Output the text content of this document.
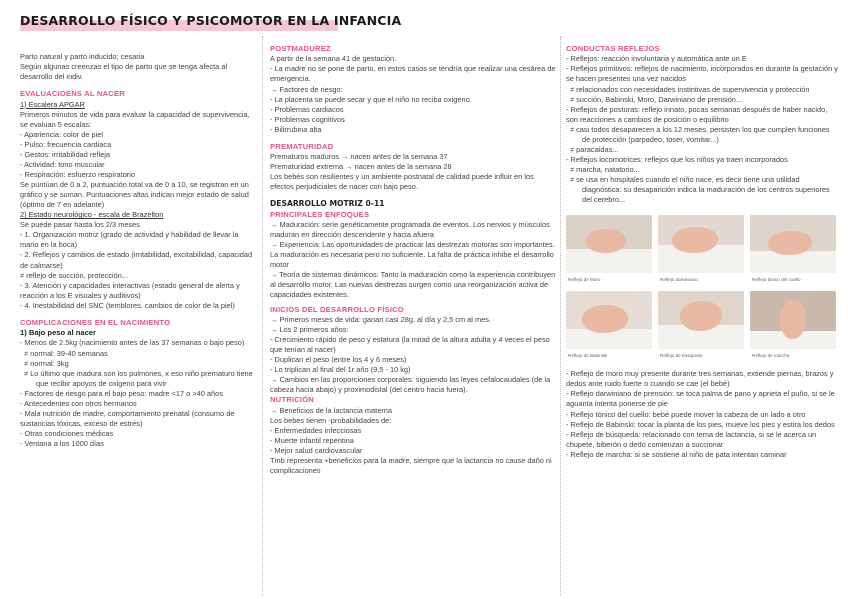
DESARROLLO FÍSICO Y PSICOMOTOR EN LA INFANCIA
Parto natural y parto inducido; cesaria
Según algunas creenzas el tipo de parto que se tenga afecta al desarrollo del indiv.
EVALUACIOENS AL NACER
1) Escalera APGAR
Primeros minutos de vida para evaluar la capacidad de supervivencia, se evaluan 5 escalas:
- Apariencia: color de piel
- Pulso: frecuencia cardiaca
- Gestos: irritabilidad refleja
- Actividad: tono muscular
- Respiración: esfuerzo respiratorio
Se puntúan de 0 a 2, puntuación total va de 0 a 10, se registran en un gráfico y se suman. Puntuaciones altas indican mejor estado de salud (óptimo de 7 en adelante)
2) Estado neurológico - escala de Brazelton
Se puede pasar hasta los 2/3 meses
- 1. Organización motriz (grado de actividad y habilidad de llevar la mano en la boca)
- 2. Reflejos y cambios de estado (irritabilidad, excitabilidad, capacidad de calmarse)
≠ reflejo de succión, protección...
- 3. Atención y capacidades interactivas (estado general de alerta y reacción a los E visuales y auditivos)
- 4. Inestabilidad del SNC (temblores, cambios de color de la piel)
COMPLICACIONES EN EL NACIMIENTO
1) Bajo peso al nacer
- Menos de 2.5kg (nacimiento antes de las 37 semanas o bajo peso)
≠ normal: 39-40 semanas
≠ normal: 3kg
≠ Lo último que madura son los pulmones, x eso niño prematuro tiene que recibir apoyos de oxigeno para vivir
- Factores de riesgo para el bajo peso: madre <17 o >40 años
- Antecedentes con otros hermanos
- Mala nutrición de madre, comportamiento prenatal (consumo de sustancias tóxicas, exceso de estrés)
- Otras condiciones médicas
- Ventana a los 1000 días
POSTMADUREZ
A partir de la semana 41 de gestación.
- La madre no se pone de parto, en estos casos se tendría que realizar una cesárea de emergencia.
→ Factores de riesgo:
- La placenta se puede secar y que el niño no reciba oxigeno.
- Problemas cardiacos
- Problemas cognitivos
- Bilirrubina alta
PREMATURIDAD
Prematuros maduros → nacen antes de la semana 37
Prematuridad extrema → nacen antes de la semana 28
Los bebés son resilientes y un ambiente postnatal de calidad puede influir en los efectos perjudiciales de nacer con bajo peso.
DESARROLLO MOTRIZ 0-11
PRINCIPALES ENFOQUES
→ Maduración: serie genéticamente programada de eventos. Los nervios y músculos maduran en dirección descendente y hacia afuera
→ Experiencia: Las oportunidades de practicar las destrezas motoras son importantes. La maduración es necesaria pero no suficiente. La falta de práctica inhibe el desarrollo motor
→ Teoría de sistemas dinámicos: Tanto la maduración como la experiencia contribuyen al desarrollo motor. Las nuevas destrezas surgen como una reorganización activa de capacidades existentes.
INICIOS DEL DESARROLLO FÍSICO
→ Primeros meses de vida: ganan casi 28g. al día y 2,5 cm al mes.
→ Los 2 primeros años:
- Crecimiento rápido de peso y estatura (la mitad de la altura adulta y 4 veces el peso que tenían al nacer)
- Duplican el peso (entre los 4 y 6 meses)
- Lo triplican al final del 1r año (9,5 - 10 kg)
→ Cambios en las proporciones corporales: siguiendo las leyes cefalocaudales (de la cabeza hacia abajo) y proximodistal (del centro hacia fuera).
NUTRICIÓN
→ Beneficios de la lactancia materna
Los bebes tienen -probabilidades de:
- Enfermedades infecciosas
- Muerte infantil repentina
- Mejor salud cardiovascular
Tmb representa +beneficios para la madre, siempre que la lactancia no cause daño ni complicaciones
CONDUCTAS REFLEJOS
- Reflejos: reacción involuntaria y automática ante un E
- Reflejos primitivos: reflejos de nacimiento, incorporados en durante la gestación y se hacen presentes una vez nacidos
≠ relacionados con necesidades instintivas de supervivencia y protección
≠ succión, Babinski, Moro, Darwiniano de prensión...
- Reflejos de posturas: reflejo innato, pocas semanas después de haber nacido, son reacciones a cambios de posición o equilibrio
≠ casi todos desaparecen a los 12 meses, persisten los que cumplen funciones de protección (parpadeo, toser, vomitar...)
≠ paracaidas...
- Reflejos locomotrices: reflejos que los niños ya traen incorporados
≠ marcha, natatorio...
≠ se usa en hospitales cuando el niño nace, es decir tiene una utilidad diagnóstica: su desaparición indica la maduración de los centros superiores del cerebro...
Reflejo de Moro	Reflejo darwiniano	Reflejo tónico del cuello
Reflejo de Babinski	Reflejo de búsqueda	Reflejo de marcha
- Reflejo de moro muy presente durante tres semanas, extiende piernas, brazos y dedos ante ruido fuerte o cuando se cae (el bebé)
- Reflejo darwiniano de prensión: se toca palma de pano y aprieta el puño, si se le aguanta intenta ponerse de pie
- Reflejo tónico del cuello: bebé puede mover la cabeza de un lado a otro
- Reflejo de Babinski: tocar la planta de los pies, mueve los pies y estira los dedos
- Reflejo de búsqueda: relacionado con tema de lactancia, si se le acerca un chupete, biberón o dedo comienzan a succionar
- Reflejo de marcha: si se sostiene al niño de pata intentan caminar
